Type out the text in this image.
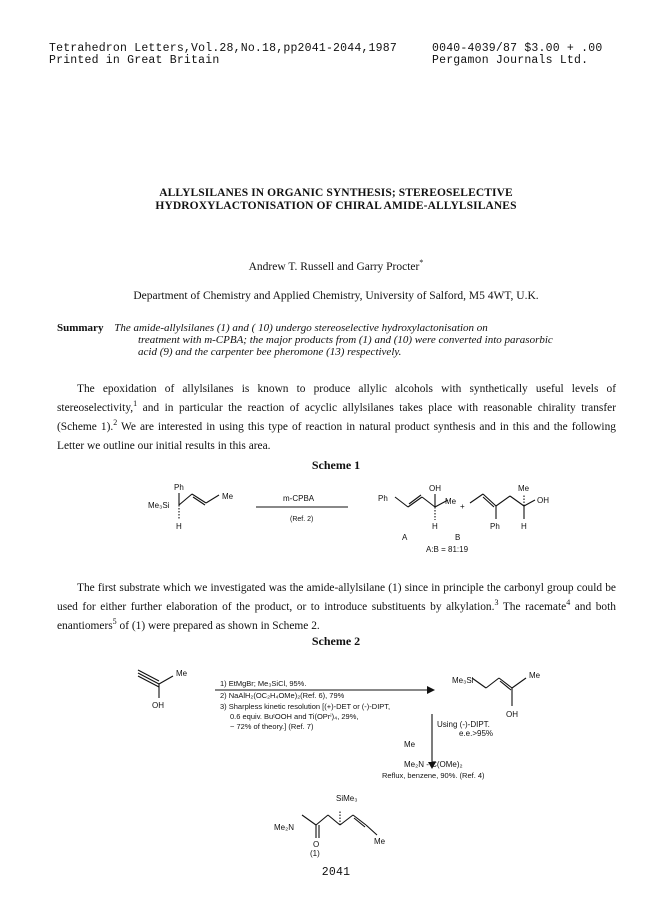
Tetrahedron Letters,Vol.28,No.18,pp2041-2044,1987
Printed in Great Britain
0040-4039/87 $3.00 + .00
Pergamon Journals Ltd.
ALLYLSILANES IN ORGANIC SYNTHESIS; STEREOSELECTIVE
HYDROXYLACTONISATION OF CHIRAL AMIDE-ALLYLSILANES
Andrew T. Russell and Garry Procter*
Department of Chemistry and Applied Chemistry, University of Salford, M5 4WT, U.K.
Summary The amide-allylsilanes (1) and ( 10) undergo stereoselective hydroxylactonisation on
treatment with m-CPBA; the major products from (1) and (10) were converted into parasorbic
acid (9) and the carpenter bee pheromone (13) respectively.
The epoxidation of allylsilanes is known to produce allylic alcohols with synthetically useful levels of
stereoselectivity,$^1$ and in particular the reaction of acyclic allylsilanes takes place with reasonable chirality transfer
(Scheme 1).$^2$ We are interested in using this type of reaction in natural product synthesis and in this and the following
Letter we outline our initial results in this area.
Scheme 1
Ph
Me₃Si
Me
H
m-CPBA
(Ref. 2)
Ph
OH
Me
H
A
+
Me
OH
Ph	H
B
A:B = 81:19
The first substrate which we investigated was the amide-allylsilane (1) since in principle the carbonyl group could be
used for either further elaboration of the product, or to introduce substituents by alkylation.$^3$ The racemate$^4$ and both
enantiomers$^5$ of (1) were prepared as shown in Scheme 2.
Scheme 2
Me
OH
Me₃Si
Me
OH
Using (-)-DIPT.
e.e.>95%
Me
Me₂N - C(OMe)₂
Reflux, benzene, 90%. (Ref. 4)
SiMe₃
Me₂N
O	Me
(1)
1) EtMgBr; Me₃SiCl, 95%.
2) NaAlH₂(OC₂H₄OMe)₂(Ref. 6), 79%
3) Sharpless kinetic resolution [(+)-DET or (-)-DIPT,
0.6 equiv. BuᵗOOH and Ti(OPrⁱ)₄, 29%,
~ 72% of theory.] (Ref. 7)
2041
